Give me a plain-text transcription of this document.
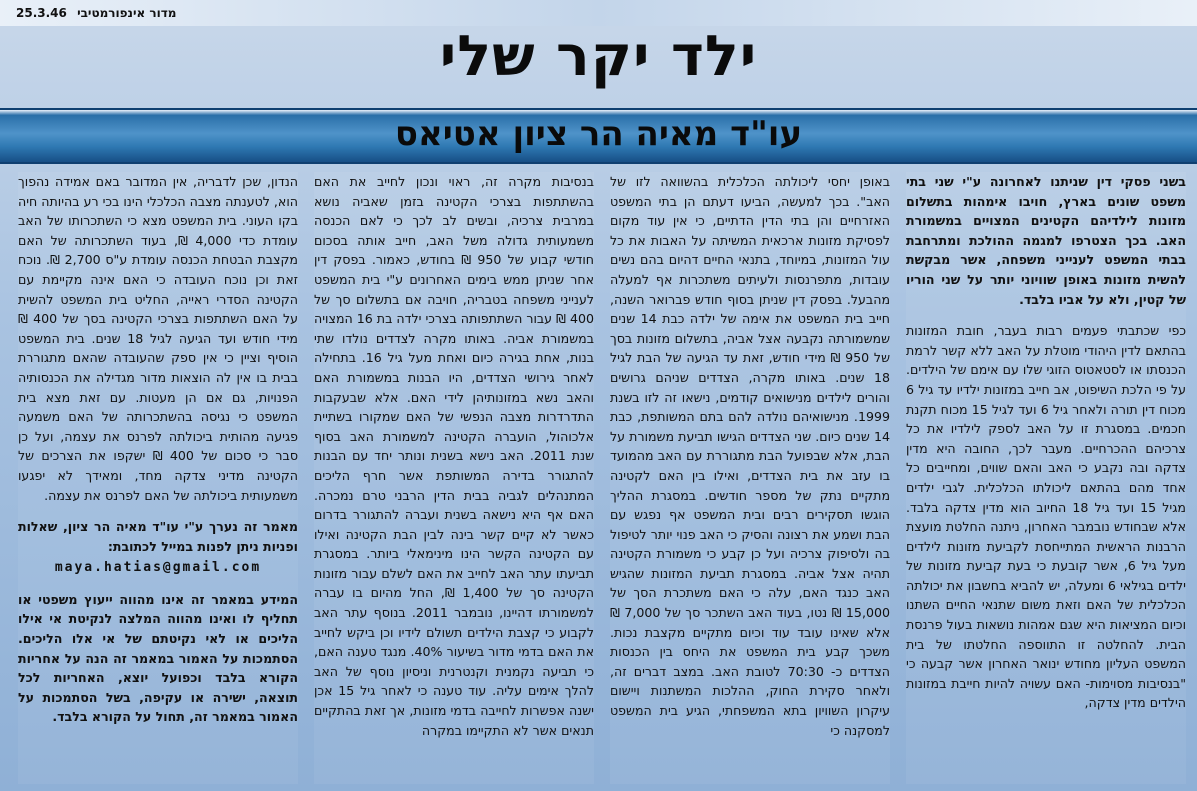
מדור אינפורמטיבי 25.3.46
ילד יקר שלי
עו"ד מאיה הר ציון אטיאס

בשני פסקי דין שניתנו לאחרונה ע"י שני בתי משפט שונים בארץ, חויבו אימהות בתשלום מזונות לילדיהם הקטינים המצויים במשמורת האב. בכך הצטרפו למגמה ההולכת ומתרחבת בבתי המשפט לענייני משפחה, אשר מבקשת להשית מזונות באופן שוויוני יותר על שני הוריו של קטין, ולא על אביו בלבד.

כפי שכתבתי פעמים רבות בעבר, חובת המזונות בהתאם לדין היהודי מוטלת על האב ללא קשר לרמת הכנסתו או לסטאטוס הזוגי שלו עם אימם של הילדים. על פי הלכת השיפוט, אב חייב במזונות ילדיו עד גיל 6 מכוח דין תורה ולאחר גיל 6 ועד לגיל 15 מכוח תקנת חכמים. במסגרת זו על האב לספק לילדיו את כל צרכיהם ההכרחיים. מעבר לכך, החובה היא מדין צדקה ובה נקבע כי האב והאם שווים, ומחייבים כל אחד מהם בהתאם ליכולתו הכלכלית. לגבי ילדים מגיל 15 ועד גיל 18 החיוב הוא מדין צדקה בלבד. אלא שבחודש נובמבר האחרון, ניתנה החלטת מועצת הרבנות הראשית המתייחסת לקביעת מזונות לילדים מעל גיל 6, אשר קובעת כי בעת קביעת מזונות של ילדים בגילאי 6 ומעלה, יש להביא בחשבון את יכולתה הכלכלית של האם וזאת משום שתנאי החיים השתנו וכיום המציאות היא שגם אמהות נושאות בעול פרנסת הבית. להחלטה זו התווספה החלטתו של בית המשפט העליון מחודש ינואר האחרון אשר קבעה כי "בנסיבות מסוימות- האם עשויה להיות חייבת במזונות הילדים מדין צדקה,

באופן יחסי ליכולתה הכלכלית בהשוואה לזו של האב". בכך למעשה, הביעו דעתם הן בתי המשפט האזרחיים והן בתי הדין הדתיים, כי אין עוד מקום לפסיקת מזונות ארכאית המשיתה על האבות את כל עול המזונות, במיוחד, בתנאי החיים דהיום בהם נשים עובדות, מתפרנסות ולעיתים משתכרות אף למעלה מהבעל. בפסק דין שניתן בסוף חודש פברואר השנה, חייב בית המשפט את אימה של ילדה כבת 14 שנים שמשמורתה נקבעה אצל אביה, בתשלום מזונות בסך של 950 ₪ מידי חודש, זאת עד הגיעה של הבת לגיל 18 שנים. באותו מקרה, הצדדים שניהם גרושים והורים לילדים מנישואים קודמים, נישאו זה לזו בשנת 1999. מנישואיהם נולדה להם בתם המשותפת, כבת 14 שנים כיום. שני הצדדים הגישו תביעת משמורת על הבת, אלא שבפועל הבת מתגוררת עם האב מהמועד בו עזב את בית הצדדים, ואילו בין האם לקטינה מתקיים נתק של מספר חודשים. במסגרת ההליך הוגשו תסקירים רבים ובית המשפט אף נפגש עם הבת ושמע את רצונה והסיק כי האב פנוי יותר לטיפול בה ולסיפוק צרכיה ועל כן קבע כי משמורת הקטינה תהיה אצל אביה. במסגרת תביעת המזונות שהגיש האב כנגד האם, עלה כי האם משתכרת הסך של 15,000 ₪ נטו, בעוד האב השתכר סך של 7,000 ₪ אלא שאינו עובד עוד וכיום מתקיים מקצבת נכות. משכך קבע בית המשפט את היחס בין הכנסות הצדדים כ- 70:30 לטובת האב. במצב דברים זה, ולאחר סקירת החוק, ההלכות המשתנות ויישום עיקרון השוויון בתא המשפחתי, הגיע בית המשפט למסקנה כי

בנסיבות מקרה זה, ראוי ונכון לחייב את האם בהשתתפות בצרכי הקטינה בזמן שאביה נושא במרבית צרכיה, ובשים לב לכך כי לאם הכנסה משמעותית גדולה משל האב, חייב אותה בסכום חודשי קבוע של 950 ₪ בחודש, כאמור. בפסק דין אחר שניתן ממש בימים האחרונים ע"י בית המשפט לענייני משפחה בטבריה, חויבה אם בתשלום סך של 400 ₪ עבור השתתפותה בצרכי ילדה בת 16 המצויה במשמורת אביה. באותו מקרה לצדדים נולדו שתי בנות, אחת בגירה כיום ואחת מעל גיל 16. בתחילה לאחר גירושי הצדדים, היו הבנות במשמורת האם והאב נשא במזונותיהן לידי האם. אלא שבעקבות התדרדרות מצבה הנפשי של האם שמקורו בשתיית אלכוהול, הועברה הקטינה למשמורת האב בסוף שנת 2011. האב נישא בשנית ונותר יחד עם הבנות להתגורר בדירה המשותפת אשר חרף הליכים המתנהלים לגביה בבית הדין הרבני טרם נמכרה. האם אף היא נישאה בשנית ועברה להתגורר בדרום כאשר לא קיים קשר בינה לבין הבת הקטינה ואילו עם הקטינה הקשר הינו מינימאלי ביותר. במסגרת תביעתו עתר האב לחייב את האם לשלם עבור מזונות הקטינה סך של 1,400 ₪, החל מהיום בו עברה למשמורתו דהיינו, נובמבר 2011. בנוסף עתר האב לקבוע כי קצבת הילדים תשולם לידיו וכן ביקש לחייב את האם בדמי מדור בשיעור 40%. מנגד טענה האם, כי תביעה נקמנית וקנטרנית וניסיון נוסף של האב להלך אימים עליה. עוד טענה כי לאחר גיל 15 אכן ישנה אפשרות לחייבה בדמי מזונות, אך זאת בהתקיים תנאים אשר לא התקיימו במקרה

הנדון, שכן לדבריה, אין המדובר באם אמידה נהפוך הוא, לטענתה מצבה הכלכלי הינו בכי רע בהיותה חיה בקו העוני. בית המשפט מצא כי השתכרותו של האב עומדת כדי 4,000 ₪, בעוד השתכרותה של האם מקצבת הבטחת הכנסה עומדת ע"ס 2,700 ₪. נוכח זאת וכן נוכח העובדה כי האם אינה מקיימת עם הקטינה הסדרי ראייה, החליט בית המשפט להשית על האם השתתפות בצרכי הקטינה בסך של 400 ₪ מידי חודש ועד הגיעה לגיל 18 שנים. בית המשפט הוסיף וציין כי אין ספק שהעובדה שהאם מתגוררת בבית בו אין לה הוצאות מדור מגדילה את הכנסותיה הפנויות, גם אם הן מעטות. עם זאת מצא בית המשפט כי נגיסה בהשתכרותה של האם משמעה פגיעה מהותית ביכולתה לפרנס את עצמה, ועל כן סבר כי סכום של 400 ₪ ישקפו את הצרכים של הקטינה מדיני צדקה מחד, ומאידך לא יפגעו משמעותית ביכולתה של האם לפרנס את עצמה.

מאמר זה נערך ע"י עו"ד מאיה הר ציון, שאלות ופניות ניתן לפנות במייל לכתובת:

maya.hatias@gmail.com

המידע במאמר זה אינו מהווה ייעוץ משפטי או תחליף לו ואינו מהווה המלצה לנקיטת אי אילו הליכים או לאי נקיטתם של אי אלו הליכים. הסתמכות על האמור במאמר זה הנה על אחריות הקורא בלבד וכפועל יוצא, האחריות לכל תוצאה, ישירה או עקיפה, בשל הסתמכות על האמור במאמר זה, תחול על הקורא בלבד.
